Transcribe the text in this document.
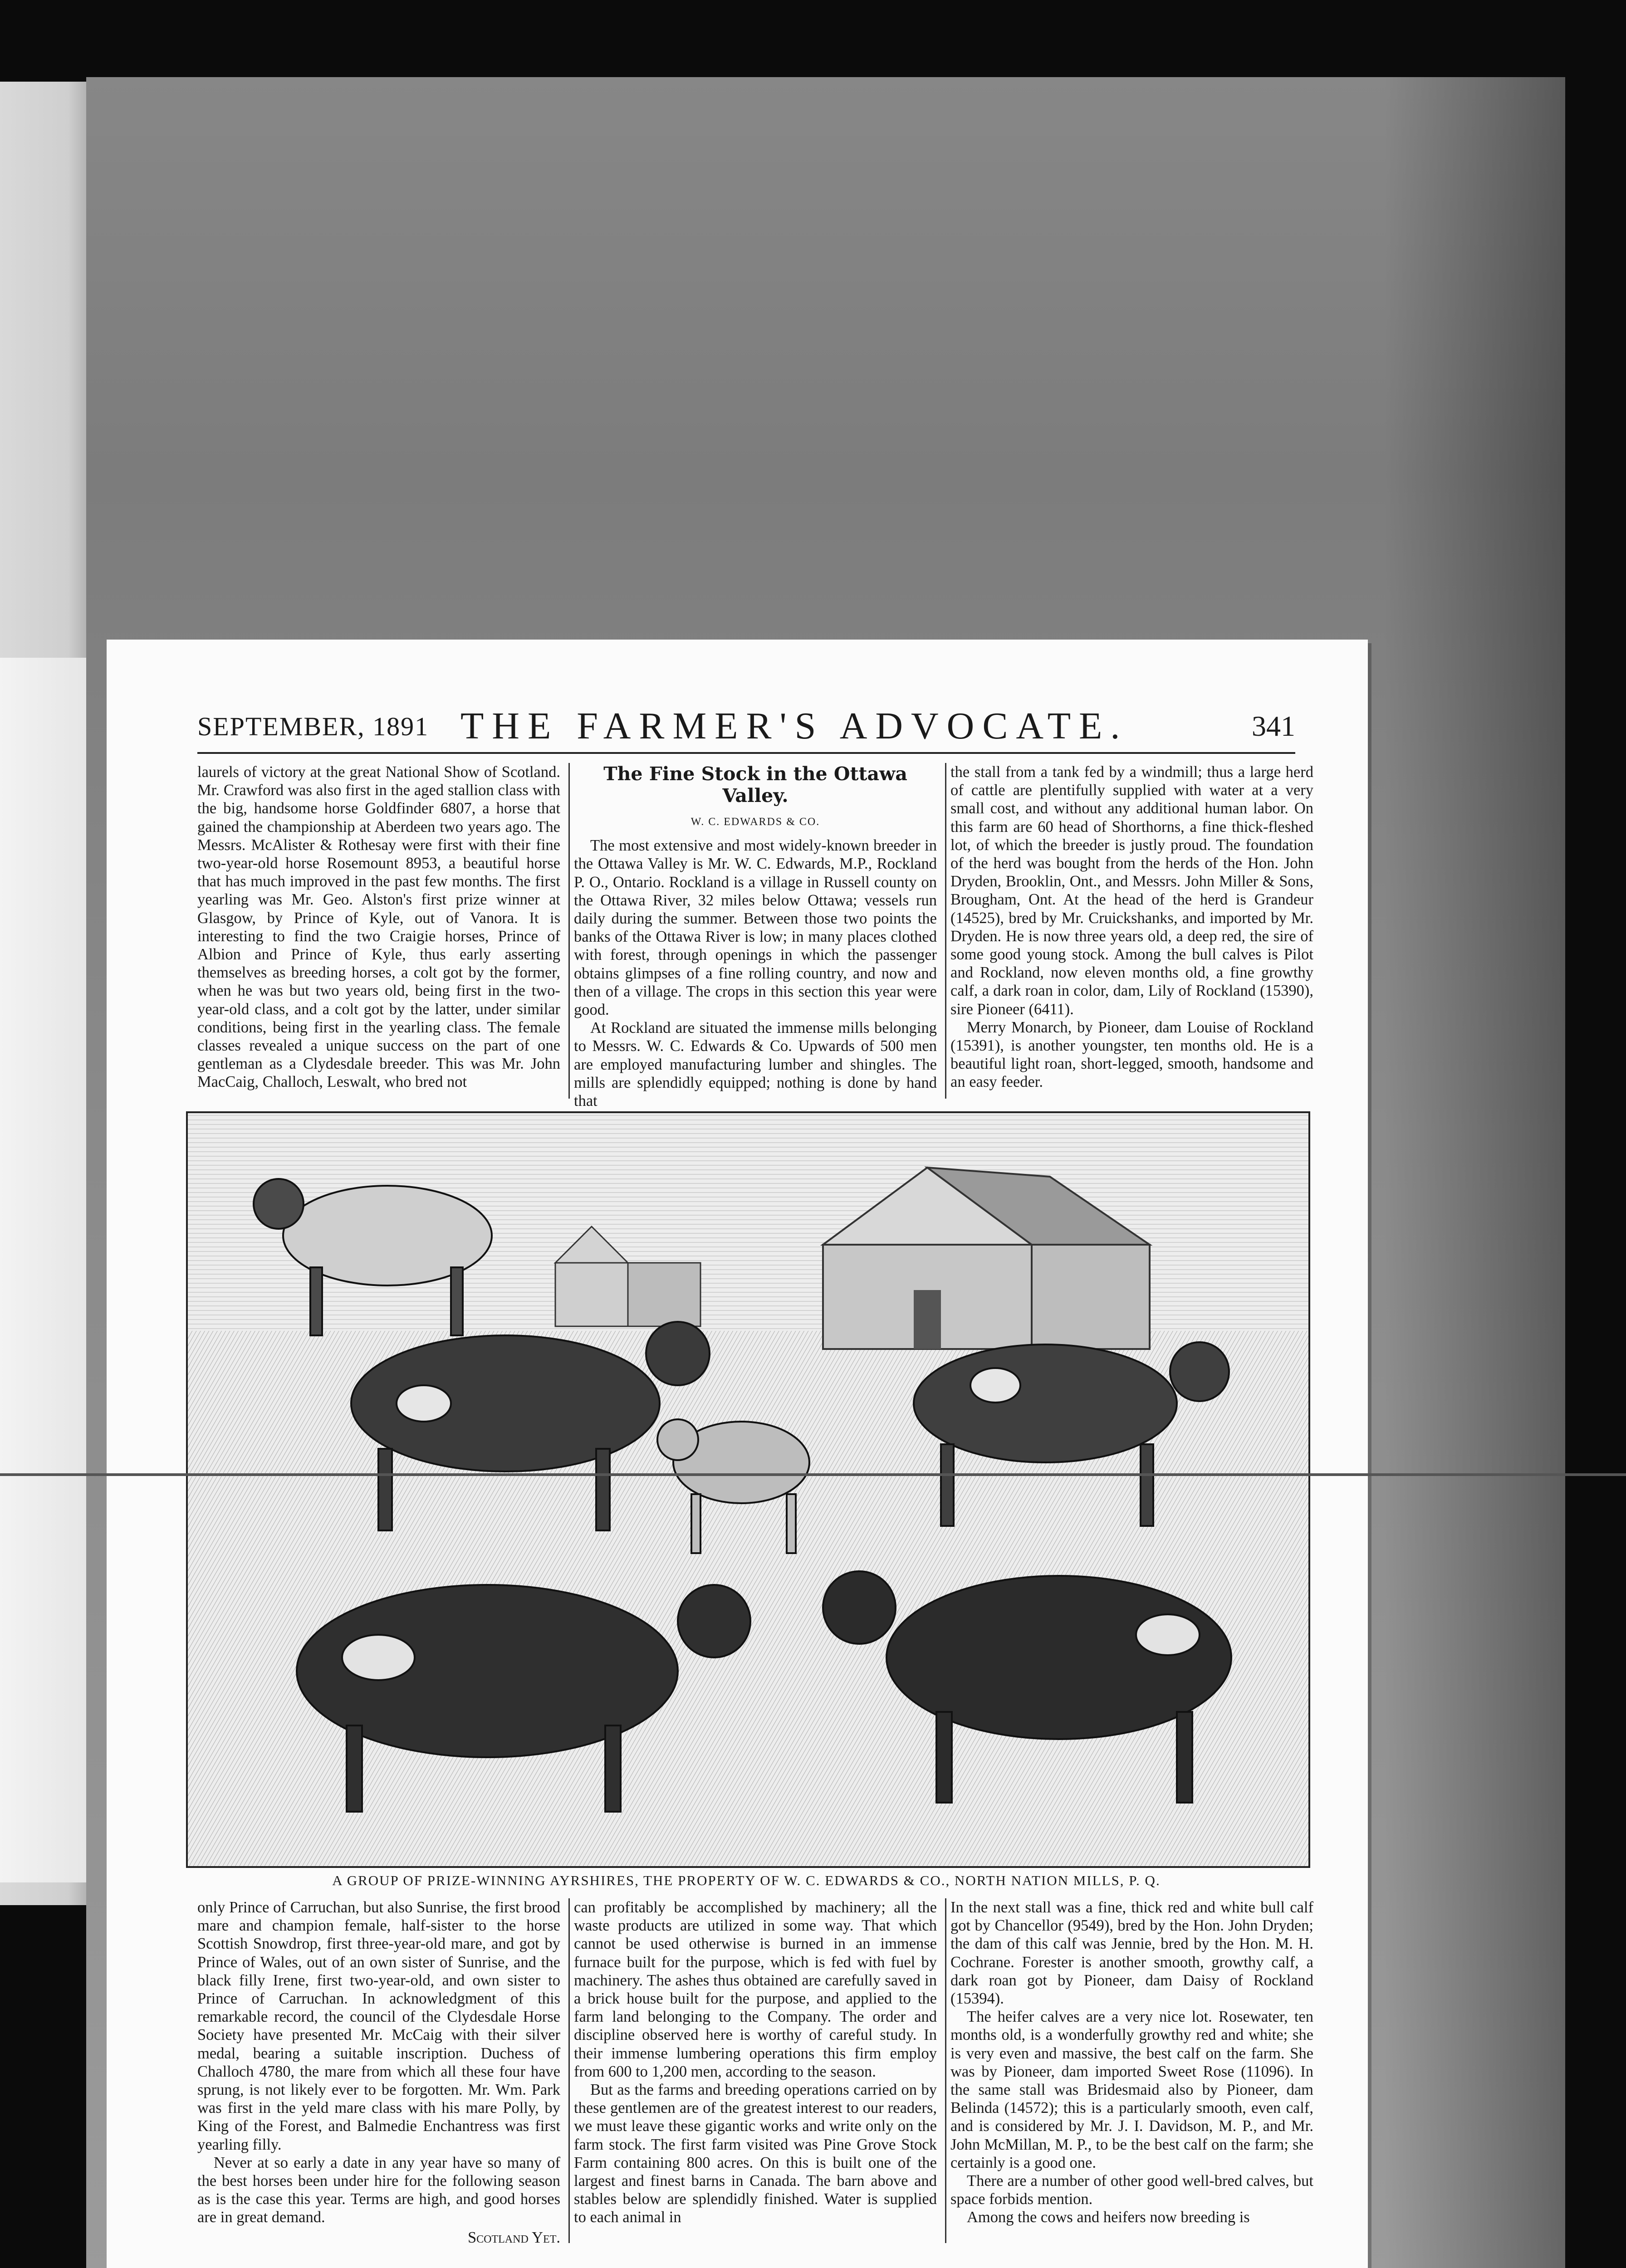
SEPTEMBER, 1891 THE FARMER'S ADVOCATE.	341

laurels of victory at the great National Show of Scotland. Mr. Crawford was also first in the aged stallion class with the big, handsome horse Goldfinder 6807, a horse that gained the championship at Aberdeen two years ago. The Messrs. McAlister & Rothesay were first with their fine two-year-old horse Rosemount 8953, a beautiful horse that has much improved in the past few months. The first yearling was Mr. Geo. Alston's first prize winner at Glasgow, by Prince of Kyle, out of Vanora. It is interesting to find the two Craigie horses, Prince of Albion and Prince of Kyle, thus early asserting themselves as breeding horses, a colt got by the former, when he was but two years old, being first in the two-year-old class, and a colt got by the latter, under similar conditions, being first in the yearling class. The female classes revealed a unique success on the part of one gentleman as a Clydesdale breeder. This was Mr. John MacCaig, Challoch, Leswalt, who bred not

The Fine Stock in the Ottawa Valley.
W. C. EDWARDS & CO.

The most extensive and most widely-known breeder in the Ottawa Valley is Mr. W. C. Edwards, M.P., Rockland P. O., Ontario. Rockland is a village in Russell county on the Ottawa River, 32 miles below Ottawa; vessels run daily during the summer. Between those two points the banks of the Ottawa River is low; in many places clothed with forest, through openings in which the passenger obtains glimpses of a fine rolling country, and now and then of a village. The crops in this section this year were good.

At Rockland are situated the immense mills belonging to Messrs. W. C. Edwards & Co. Upwards of 500 men are employed manufacturing lumber and shingles. The mills are splendidly equipped; nothing is done by hand that

the stall from a tank fed by a windmill; thus a large herd of cattle are plentifully supplied with water at a very small cost, and without any additional human labor. On this farm are 60 head of Shorthorns, a fine thick-fleshed lot, of which the breeder is justly proud. The foundation of the herd was bought from the herds of the Hon. John Dryden, Brooklin, Ont., and Messrs. John Miller & Sons, Brougham, Ont. At the head of the herd is Grandeur (14525), bred by Mr. Cruickshanks, and imported by Mr. Dryden. He is now three years old, a deep red, the sire of some good young stock. Among the bull calves is Pilot and Rockland, now eleven months old, a fine growthy calf, a dark roan in color, dam, Lily of Rockland (15390), sire Pioneer (6411).

Merry Monarch, by Pioneer, dam Louise of Rockland (15391), is another youngster, ten months old. He is a beautiful light roan, short-legged, smooth, handsome and an easy feeder.

A GROUP OF PRIZE-WINNING AYRSHIRES, THE PROPERTY OF W. C. EDWARDS & CO., NORTH NATION MILLS, P. Q.

only Prince of Carruchan, but also Sunrise, the first brood mare and champion female, half-sister to the horse Scottish Snowdrop, first three-year-old mare, and got by Prince of Wales, out of an own sister of Sunrise, and the black filly Irene, first two-year-old, and own sister to Prince of Carruchan. In acknowledgment of this remarkable record, the council of the Clydesdale Horse Society have presented Mr. McCaig with their silver medal, bearing a suitable inscription. Duchess of Challoch 4780, the mare from which all these four have sprung, is not likely ever to be forgotten. Mr. Wm. Park was first in the yeld mare class with his mare Polly, by King of the Forest, and Balmedie Enchantress was first yearling filly.

Never at so early a date in any year have so many of the best horses been under hire for the following season as is the case this year. Terms are high, and good horses are in great demand.

Scotland Yet.

can profitably be accomplished by machinery; all the waste products are utilized in some way. That which cannot be used otherwise is burned in an immense furnace built for the purpose, which is fed with fuel by machinery. The ashes thus obtained are carefully saved in a brick house built for the purpose, and applied to the farm land belonging to the Company. The order and discipline observed here is worthy of careful study. In their immense lumbering operations this firm employ from 600 to 1,200 men, according to the season.

But as the farms and breeding operations carried on by these gentlemen are of the greatest interest to our readers, we must leave these gigantic works and write only on the farm stock. The first farm visited was Pine Grove Stock Farm containing 800 acres. On this is built one of the largest and finest barns in Canada. The barn above and stables below are splendidly finished. Water is supplied to each animal in

In the next stall was a fine, thick red and white bull calf got by Chancellor (9549), bred by the Hon. John Dryden; the dam of this calf was Jennie, bred by the Hon. M. H. Cochrane. Forester is another smooth, growthy calf, a dark roan got by Pioneer, dam Daisy of Rockland (15394).

The heifer calves are a very nice lot. Rosewater, ten months old, is a wonderfully growthy red and white; she is very even and massive, the best calf on the farm. She was by Pioneer, dam imported Sweet Rose (11096). In the same stall was Bridesmaid also by Pioneer, dam Belinda (14572); this is a particularly smooth, even calf, and is considered by Mr. J. I. Davidson, M. P., and Mr. John McMillan, M. P., to be the best calf on the farm; she certainly is a good one.

There are a number of other good well-bred calves, but space forbids mention.

Among the cows and heifers now breeding is
